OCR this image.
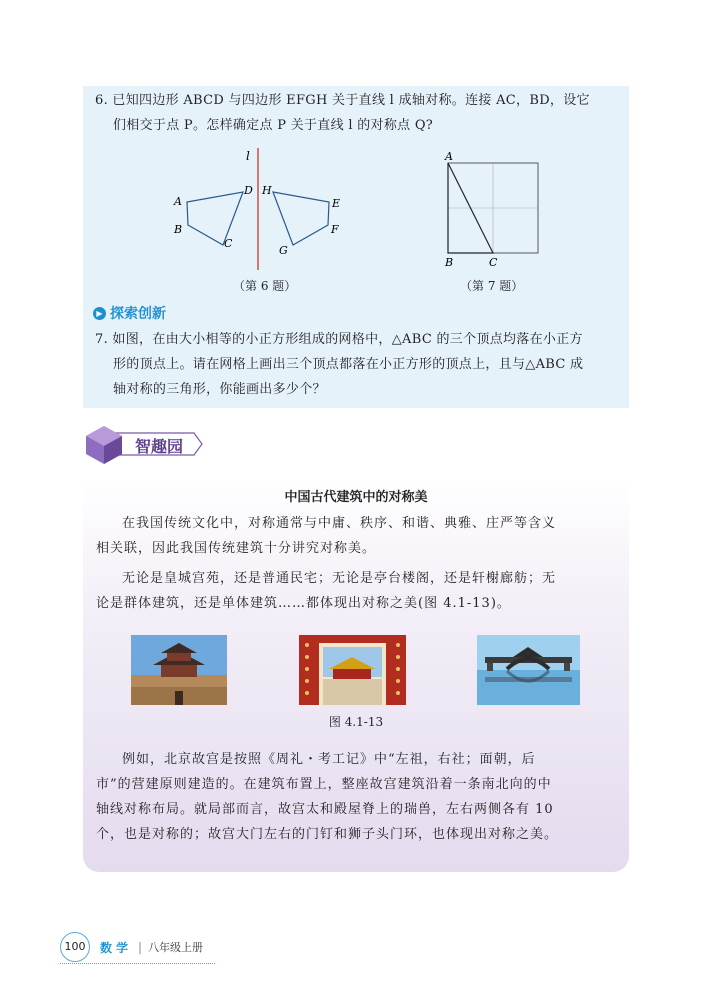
6. 已知四边形 ABCD 与四边形 EFGH 关于直线 l 成轴对称。连接 AC，BD，设它

们相交于点 P。怎样确定点 P 关于直线 l 的对称点 Q?

l
A
B
C
D H
E
F
G
（第 6 题）
A
B	C
（第 7 题）
▶ 探索创新

7. 如图，在由大小相等的小正方形组成的网格中，△ABC 的三个顶点均落在小正方

形的顶点上。请在网格上画出三个顶点都落在小正方形的顶点上，且与△ABC 成

轴对称的三角形，你能画出多少个？

智趣园
中国古代建筑中的对称美

在我国传统文化中，对称通常与中庸、秩序、和谐、典雅、庄严等含义

相关联，因此我国传统建筑十分讲究对称美。

无论是皇城宫苑，还是普通民宅；无论是亭台楼阁，还是轩榭廊舫；无

论是群体建筑，还是单体建筑……都体现出对称之美(图 4.1-13)。

图 4.1-13

例如，北京故宫是按照《周礼・考工记》中“左祖，右社；面朝，后

市”的营建原则建造的。在建筑布置上，整座故宫建筑沿着一条南北向的中

轴线对称布局。就局部而言，故宫太和殿屋脊上的瑞兽，左右两侧各有 10

个，也是对称的；故宫大门左右的门钉和狮子头门环，也体现出对称之美。

100	数学 | 八年级上册
